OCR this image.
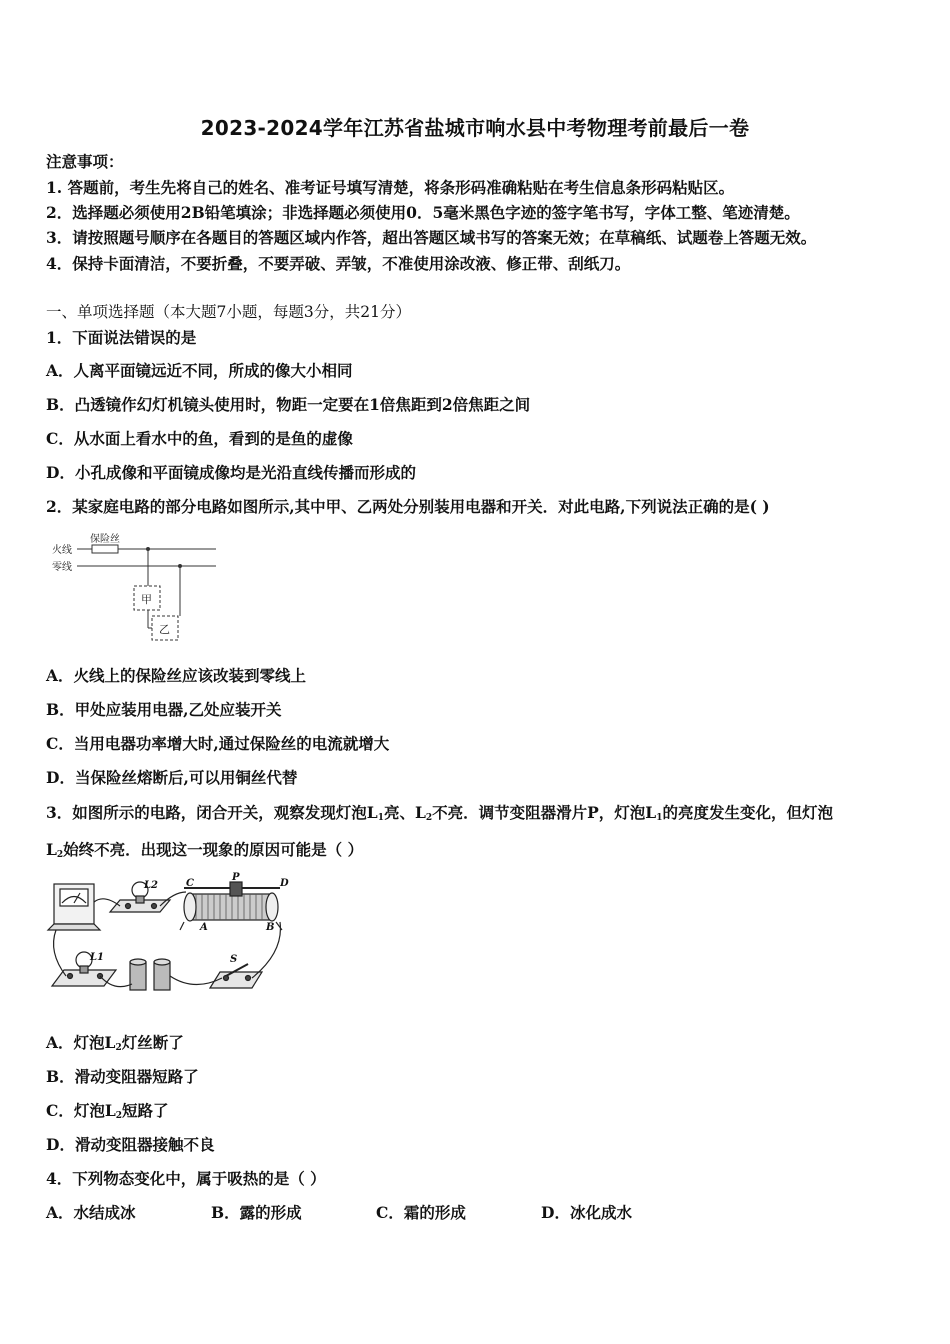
2023-2024学年江苏省盐城市响水县中考物理考前最后一卷
注意事项：
1. 答题前，考生先将自己的姓名、准考证号填写清楚，将条形码准确粘贴在考生信息条形码粘贴区。
2．选择题必须使用2B铅笔填涂；非选择题必须使用0．5毫米黑色字迹的签字笔书写，字体工整、笔迹清楚。
3．请按照题号顺序在各题目的答题区域内作答，超出答题区域书写的答案无效；在草稿纸、试题卷上答题无效。
4．保持卡面清洁，不要折叠，不要弄破、弄皱，不准使用涂改液、修正带、刮纸刀。
一、单项选择题（本大题7小题，每题3分，共21分）
1．下面说法错误的是
A．人离平面镜远近不同，所成的像大小相同
B．凸透镜作幻灯机镜头使用时，物距一定要在1倍焦距到2倍焦距之间
C．从水面上看水中的鱼，看到的是鱼的虚像
D．小孔成像和平面镜成像均是光沿直线传播而形成的
2．某家庭电路的部分电路如图所示,其中甲、乙两处分别装用电器和开关．对此电路,下列说法正确的是( )
火线
零线
保险丝
甲
乙
A．火线上的保险丝应该改装到零线上
B．甲处应装用电器,乙处应装开关
C．当用电器功率增大时,通过保险丝的电流就增大
D．当保险丝熔断后,可以用铜丝代替
3．如图所示的电路，闭合开关，观察发现灯泡$L_1$亮、$L_2$不亮．调节变阻器滑片P，灯泡$L_1$的亮度发生变化，但灯泡
$L_2$始终不亮．出现这一现象的原因可能是（ ）
L2
L1
P
C	D
A	B
S
A．灯泡$L_2$灯丝断了
B．滑动变阻器短路了
C．灯泡$L_2$短路了
D．滑动变阻器接触不良
4．下列物态变化中，属于吸热的是（ ）
A．水结成冰	B．露的形成	C．霜的形成	D．冰化成水
